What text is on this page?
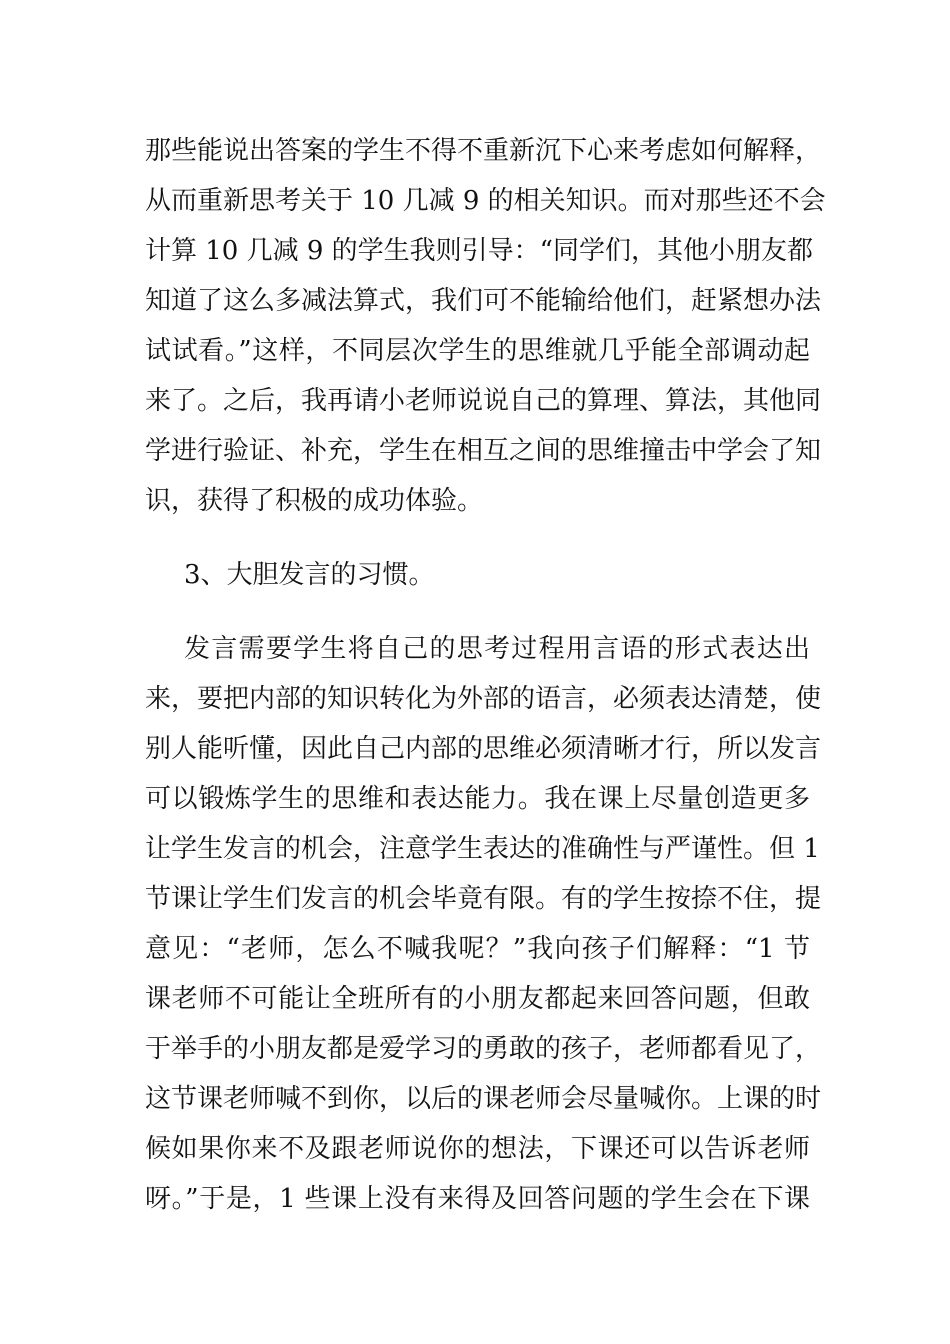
那些能说出答案的学生不得不重新沉下心来考虑如何解释，
从而重新思考关于 10 几减 9 的相关知识。而对那些还不会
计算 10 几减 9 的学生我则引导：“同学们，其他小朋友都
知道了这么多减法算式，我们可不能输给他们，赶紧想办法
试试看。”这样，不同层次学生的思维就几乎能全部调动起
来了。之后，我再请小老师说说自己的算理、算法，其他同
学进行验证、补充，学生在相互之间的思维撞击中学会了知
识，获得了积极的成功体验。
3、大胆发言的习惯。
发言需要学生将自己的思考过程用言语的形式表达出
来，要把内部的知识转化为外部的语言，必须表达清楚，使
别人能听懂，因此自己内部的思维必须清晰才行，所以发言
可以锻炼学生的思维和表达能力。我在课上尽量创造更多
让学生发言的机会，注意学生表达的准确性与严谨性。但 1
节课让学生们发言的机会毕竟有限。有的学生按捺不住，提
意见：“老师，怎么不喊我呢？”我向孩子们解释：“1 节
课老师不可能让全班所有的小朋友都起来回答问题，但敢
于举手的小朋友都是爱学习的勇敢的孩子，老师都看见了，
这节课老师喊不到你，以后的课老师会尽量喊你。上课的时
候如果你来不及跟老师说你的想法，下课还可以告诉老师
呀。”于是，1 些课上没有来得及回答问题的学生会在下课
